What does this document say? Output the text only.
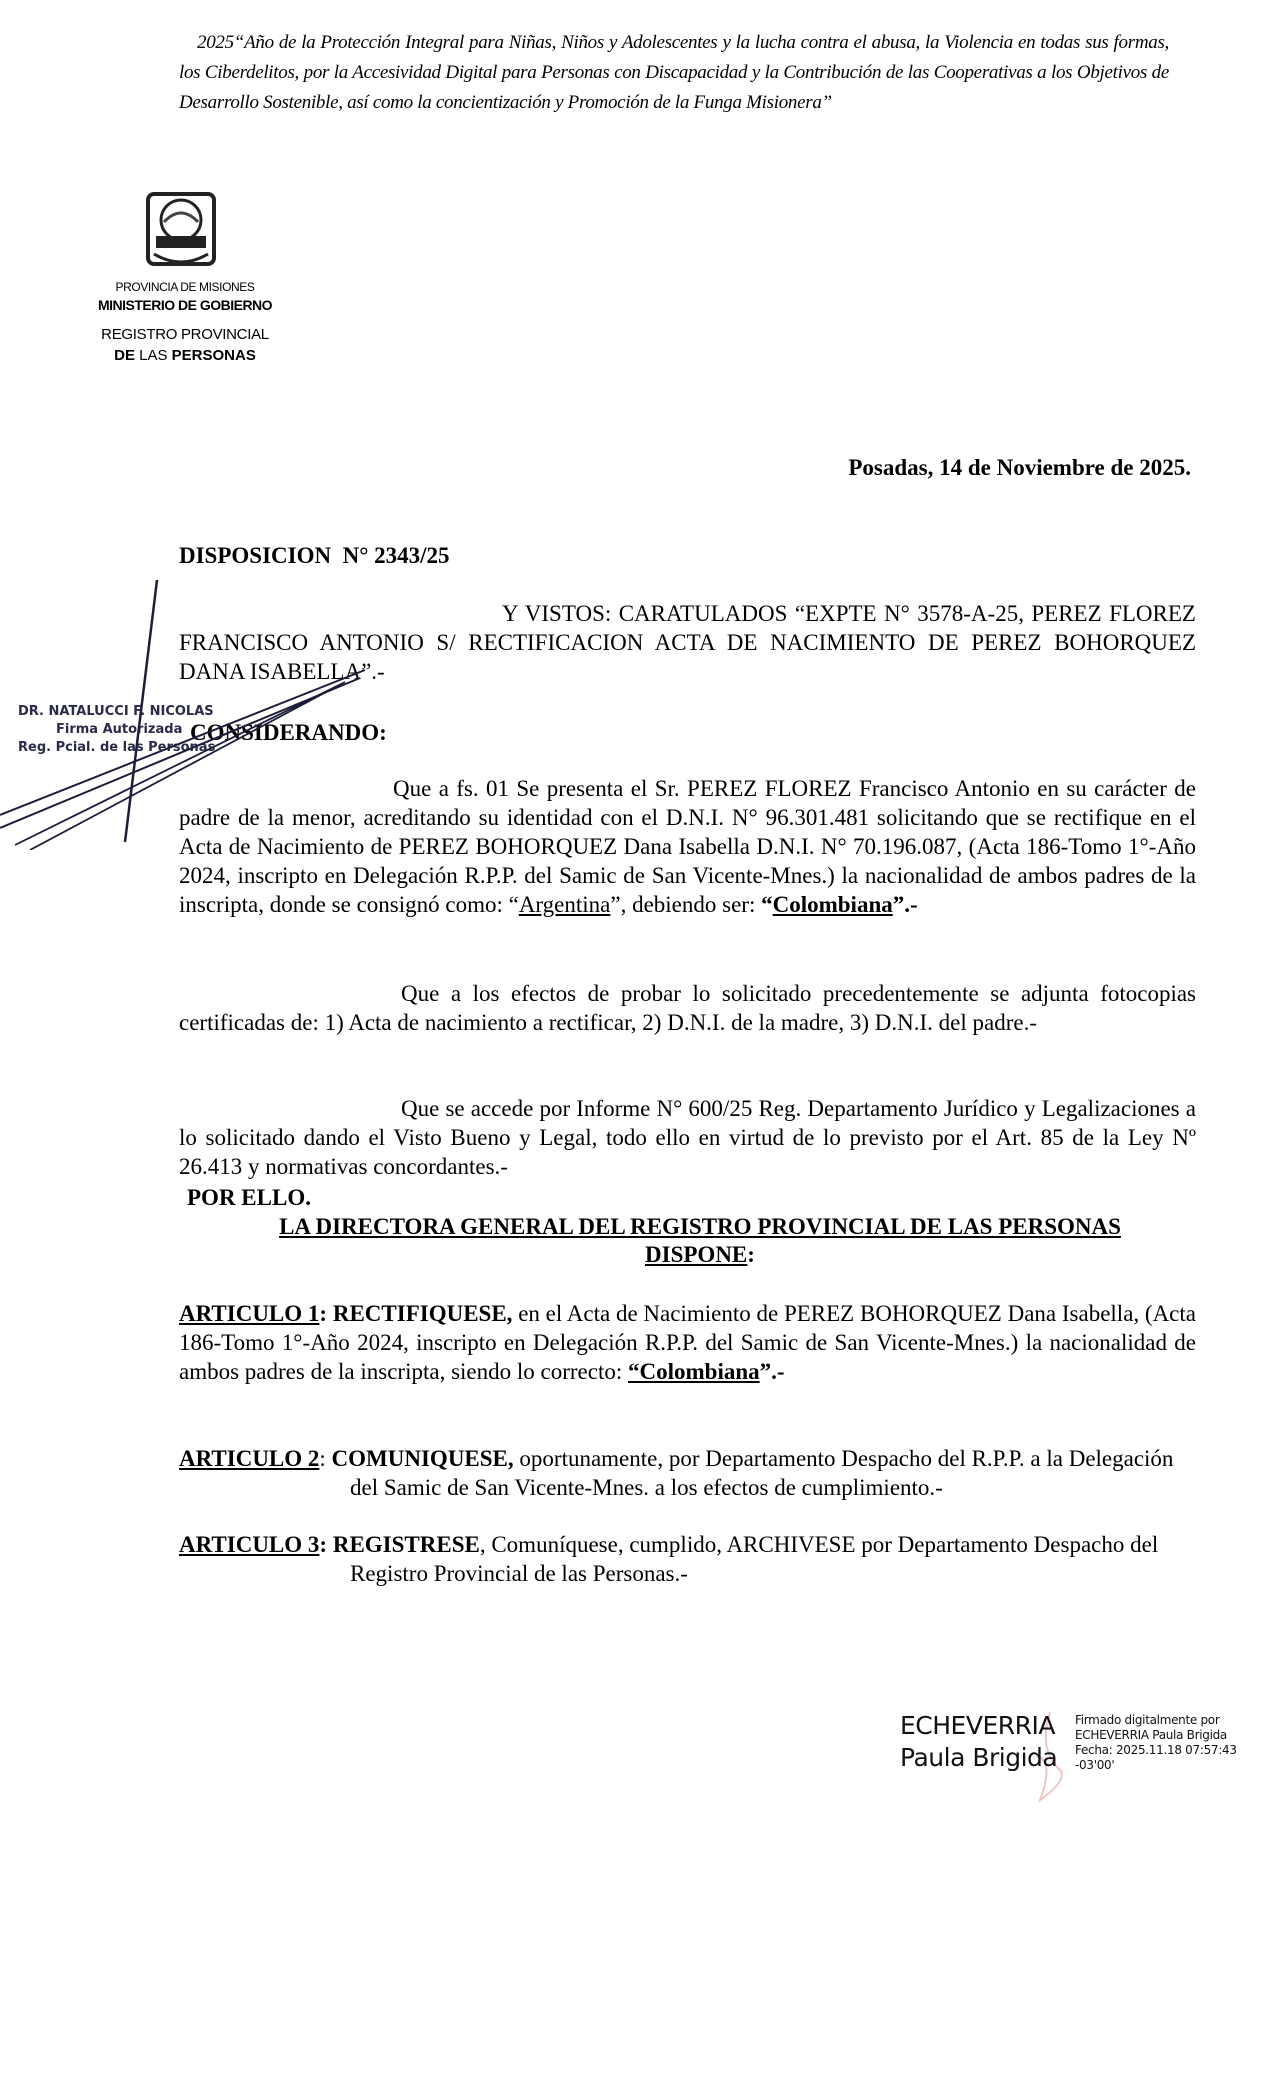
2025“Año de la Protección Integral para Niñas, Niños y Adolescentes y la lucha contra el abusa, la Violencia en todas sus formas, los Ciberdelitos, por la Accesividad Digital para Personas con Discapacidad y la Contribución de las Cooperativas a los Objetivos de Desarrollo Sostenible, así como la concientización y Promoción de la Funga Misionera”
PROVINCIA DE MISIONES
MINISTERIO DE GOBIERNO
REGISTRO PROVINCIAL
DE LAS PERSONAS
Posadas, 14 de Noviembre de 2025.
DISPOSICION  N° 2343/25
Y VISTOS: CARATULADOS “EXPTE N° 3578-A-25, PEREZ FLOREZ FRANCISCO ANTONIO S/ RECTIFICACION ACTA DE NACIMIENTO DE PEREZ BOHORQUEZ DANA ISABELLA”.-
CONSIDERANDO:
Que a fs. 01 Se presenta el Sr. PEREZ FLOREZ Francisco Antonio en su carácter de padre de la menor, acreditando su identidad con el D.N.I. N° 96.301.481 solicitando que se rectifique en el Acta de Nacimiento de PEREZ BOHORQUEZ Dana Isabella D.N.I. N° 70.196.087, (Acta 186-Tomo 1°-Año 2024, inscripto en Delegación R.P.P. del Samic de San Vicente-Mnes.) la nacionalidad de ambos padres de la inscripta, donde se consignó como: “Argentina”, debiendo ser: “Colombiana”.-
Que a los efectos de probar lo solicitado precedentemente se adjunta fotocopias certificadas de: 1) Acta de nacimiento a rectificar, 2) D.N.I. de la madre, 3) D.N.I. del padre.-
Que se accede por Informe N° 600/25 Reg. Departamento Jurídico y Legalizaciones a lo solicitado dando el Visto Bueno y Legal, todo ello en virtud de lo previsto por el Art. 85 de la Ley Nº 26.413 y normativas concordantes.-
POR ELLO.
LA DIRECTORA GENERAL DEL REGISTRO PROVINCIAL DE LAS PERSONAS
DISPONE:
ARTICULO 1: RECTIFIQUESE, en el Acta de Nacimiento de PEREZ BOHORQUEZ Dana Isabella, (Acta 186-Tomo 1°-Año 2024, inscripto en Delegación R.P.P. del Samic de San Vicente-Mnes.) la nacionalidad de ambos padres de la inscripta, siendo lo correcto: “Colombiana”.-
ARTICULO 2: COMUNIQUESE, oportunamente, por Departamento Despacho del R.P.P. a la Delegación del Samic de San Vicente-Mnes. a los efectos de cumplimiento.-
ARTICULO 3: REGISTRESE, Comuníquese, cumplido, ARCHIVESE por Departamento Despacho del Registro Provincial de las Personas.-
DR. NATALUCCI F. NICOLAS
Firma Autorizada
Reg. Pcial. de las Personas
ECHEVERRIA
Paula Brigida
Firmado digitalmente por
ECHEVERRIA Paula Brigida
Fecha: 2025.11.18 07:57:43
-03'00'
